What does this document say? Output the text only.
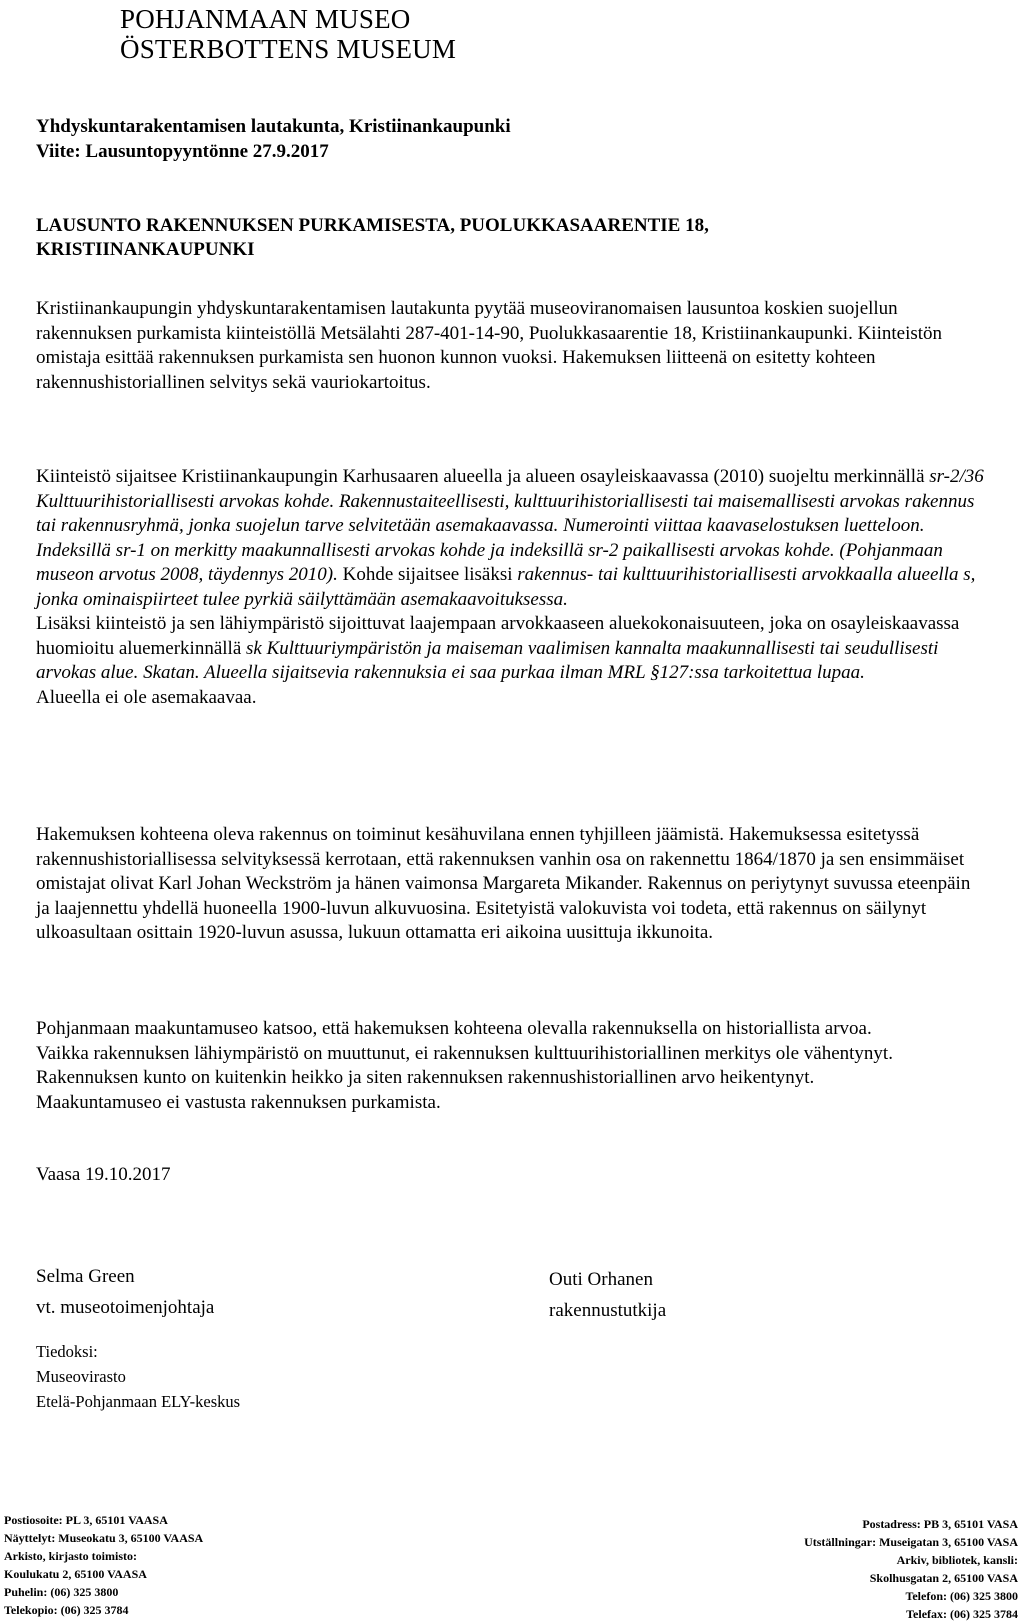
POHJANMAAN MUSEO
ÖSTERBOTTENS MUSEUM
Yhdyskuntarakentamisen lautakunta, Kristiinankaupunki
Viite: Lausuntopyyntönne 27.9.2017
LAUSUNTO RAKENNUKSEN PURKAMISESTA, PUOLUKKASAARENTIE 18, KRISTIINANKAUPUNKI

Kristiinankaupungin yhdyskuntarakentamisen lautakunta pyytää museoviranomaisen lausuntoa koskien suojellun rakennuksen purkamista kiinteistöllä Metsälahti 287-401-14-90, Puolukkasaarentie 18, Kristiinankaupunki. Kiinteistön omistaja esittää rakennuksen purkamista sen huonon kunnon vuoksi. Hakemuksen liitteenä on esitetty kohteen rakennushistoriallinen selvitys sekä vauriokartoitus.

Kiinteistö sijaitsee Kristiinankaupungin Karhusaaren alueella ja alueen osayleiskaavassa (2010) suojeltu merkinnällä sr-2/36 Kulttuurihistoriallisesti arvokas kohde. Rakennustaiteellisesti, kulttuurihistoriallisesti tai maisemallisesti arvokas rakennus tai rakennusryhmä, jonka suojelun tarve selvitetään asemakaavassa. Numerointi viittaa kaavaselostuksen luetteloon. Indeksillä sr-1 on merkitty maakunnallisesti arvokas kohde ja indeksillä sr-2 paikallisesti arvokas kohde. (Pohjanmaan museon arvotus 2008, täydennys 2010). Kohde sijaitsee lisäksi rakennus- tai kulttuurihistoriallisesti arvokkaalla alueella s, jonka ominaispiirteet tulee pyrkiä säilyttämään asemakaavoituksessa.

Lisäksi kiinteistö ja sen lähiympäristö sijoittuvat laajempaan arvokkaaseen aluekokonaisuuteen, joka on osayleiskaavassa huomioitu aluemerkinnällä sk Kulttuuriympäristön ja maiseman vaalimisen kannalta maakunnallisesti tai seudullisesti arvokas alue. Skatan. Alueella sijaitsevia rakennuksia ei saa purkaa ilman MRL §127:ssa tarkoitettua lupaa.

Alueella ei ole asemakaavaa.

Hakemuksen kohteena oleva rakennus on toiminut kesähuvilana ennen tyhjilleen jäämistä. Hakemuksessa esitetyssä rakennushistoriallisessa selvityksessä kerrotaan, että rakennuksen vanhin osa on rakennettu 1864/1870 ja sen ensimmäiset omistajat olivat Karl Johan Weckström ja hänen vaimonsa Margareta Mikander. Rakennus on periytynyt suvussa eteenpäin ja laajennettu yhdellä huoneella 1900-luvun alkuvuosina. Esitetyistä valokuvista voi todeta, että rakennus on säilynyt ulkoasultaan osittain 1920-luvun asussa, lukuun ottamatta eri aikoina uusittuja ikkunoita.

Pohjanmaan maakuntamuseo katsoo, että hakemuksen kohteena olevalla rakennuksella on historiallista arvoa. Vaikka rakennuksen lähiympäristö on muuttunut, ei rakennuksen kulttuurihistoriallinen merkitys ole vähentynyt.

Rakennuksen kunto on kuitenkin heikko ja siten rakennuksen rakennushistoriallinen arvo heikentynyt. Maakuntamuseo ei vastusta rakennuksen purkamista.

Vaasa 19.10.2017
Selma Green
vt. museotoimenjohtaja
Outi Orhanen
rakennustutkija
Tiedoksi:
Museovirasto
Etelä-Pohjanmaan ELY-keskus
Postiosoite: PL 3, 65101 VAASA
Näyttelyt: Museokatu 3, 65100 VAASA
Arkisto, kirjasto toimisto:
Koulukatu 2, 65100 VAASA
Puhelin: (06) 325 3800
Telekopio: (06) 325 3784
Postadress: PB 3, 65101 VASA
Utställningar: Museigatan 3, 65100 VASA
Arkiv, bibliotek, kansli:
Skolhusgatan 2, 65100 VASA
Telefon: (06) 325 3800
Telefax: (06) 325 3784
